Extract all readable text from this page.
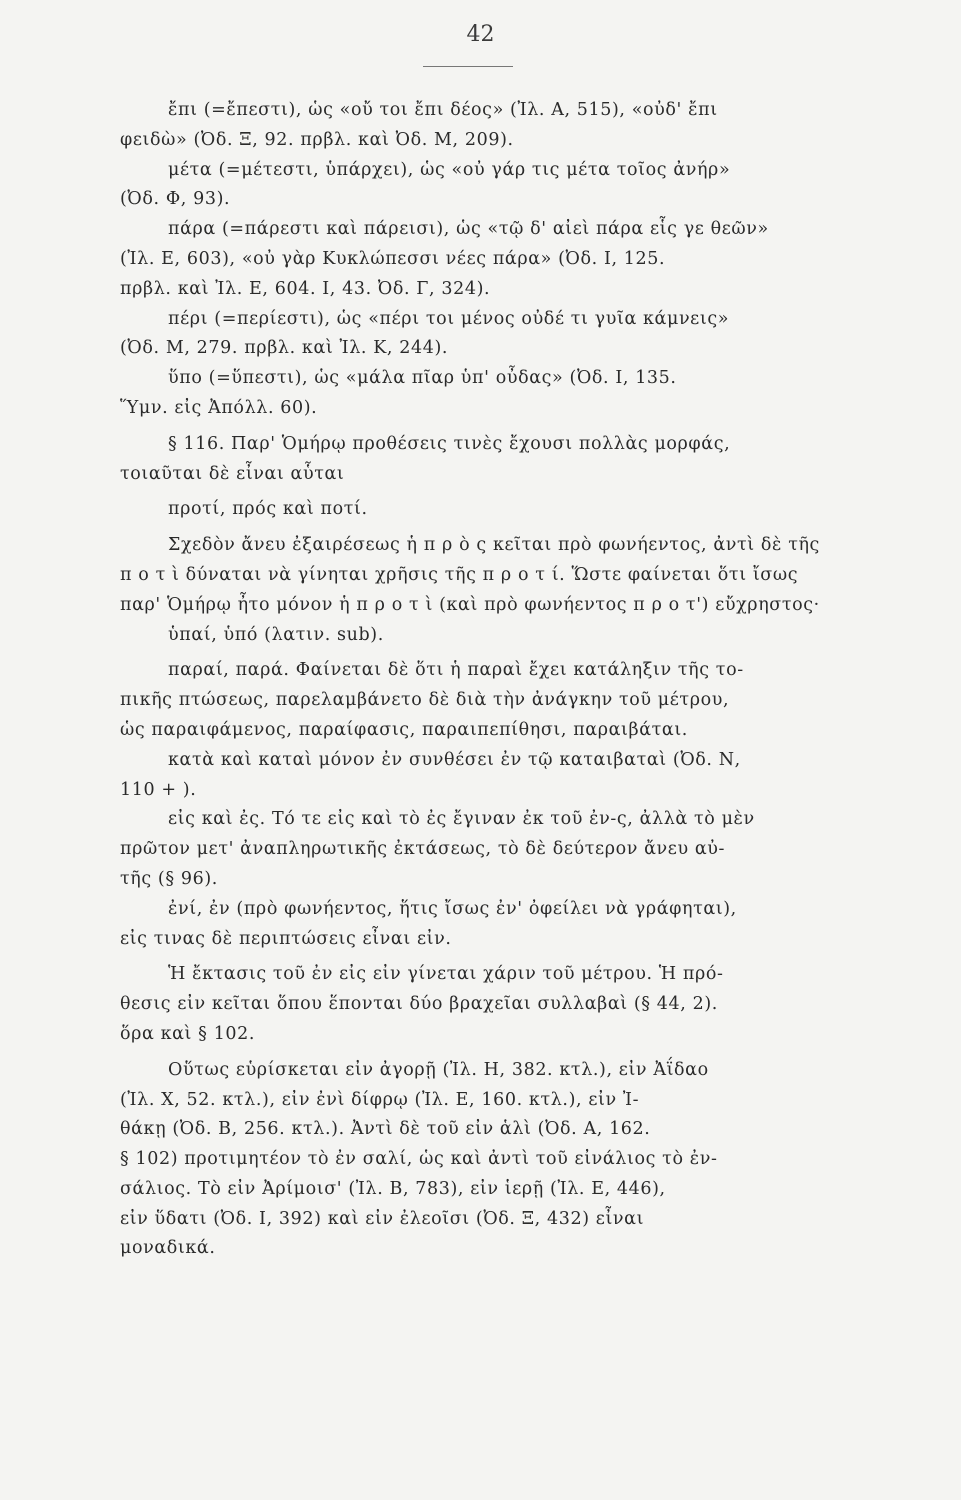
42
ἔπι (=ἔπεστι), ὡς «οὔ τοι ἔπι δέος» (Ἰλ. Α, 515), «οὐδ' ἔπι
φειδὼ» (Ὀδ. Ξ, 92. πρβλ. καὶ Ὀδ. Μ, 209).
μέτα (=μέτεστι, ὑπάρχει), ὡς «οὐ γάρ τις μέτα τοῖος ἀνήρ»
(Ὀδ. Φ, 93).
πάρα (=πάρεστι καὶ πάρεισι), ὡς «τῷ δ' αἰεὶ πάρα εἷς γε θεῶν»
(Ἰλ. Ε, 603), «οὐ γὰρ Κυκλώπεσσι νέες πάρα» (Ὀδ. Ι, 125.
πρβλ. καὶ Ἰλ. Ε, 604. Ι, 43. Ὀδ. Γ, 324).
πέρι (=περίεστι), ὡς «πέρι τοι μένος οὐδέ τι γυῖα κάμνεις»
(Ὀδ. Μ, 279. πρβλ. καὶ Ἰλ. Κ, 244).
ὕπο (=ὕπεστι), ὡς «μάλα πῖαρ ὑπ' οὖδας» (Ὀδ. Ι, 135.
Ὕμν. εἰς Ἀπόλλ. 60).
§ 116. Παρ' Ὁμήρῳ προθέσεις τινὲς ἔχουσι πολλὰς μορφάς,
τοιαῦται δὲ εἶναι αὗται
προτί, πρός καὶ ποτί.
Σχεδὸν ἄνευ ἐξαιρέσεως ἡ π ρ ὸ ς κεῖται πρὸ φωνήεντος, ἀντὶ δὲ τῆς
π ο τ ὶ δύναται νὰ γίνηται χρῆσις τῆς π ρ ο τ ί. Ὥστε φαίνεται ὅτι ἴσως
παρ' Ὁμήρῳ ἦτο μόνον ἡ π ρ ο τ ὶ (καὶ πρὸ φωνήεντος π ρ ο τ') εὔχρηστος·
ὑπαί, ὑπό (λατιν. sub).
παραί, παρά. Φαίνεται δὲ ὅτι ἡ παραὶ ἔχει κατάληξιν τῆς το-
πικῆς πτώσεως, παρελαμβάνετο δὲ διὰ τὴν ἀνάγκην τοῦ μέτρου,
ὡς παραιφάμενος, παραίφασις, παραιπεπίθησι, παραιβάται.
κατὰ καὶ καταὶ μόνον ἐν συνθέσει ἐν τῷ καταιβαταὶ (Ὀδ. Ν,
110 + ).
εἰς καὶ ἐς. Τό τε εἰς καὶ τὸ ἐς ἔγιναν ἐκ τοῦ ἐν-ς, ἀλλὰ τὸ μὲν
πρῶτον μετ' ἀναπληρωτικῆς ἐκτάσεως, τὸ δὲ δεύτερον ἄνευ αὐ-
τῆς (§ 96).
ἐνί, ἐν (πρὸ φωνήεντος, ἥτις ἴσως ἐν' ὀφείλει νὰ γράφηται),
εἰς τινας δὲ περιπτώσεις εἶναι εἰν.
Ἡ ἔκτασις τοῦ ἐν εἰς εἰν γίνεται χάριν τοῦ μέτρου. Ἡ πρό-
θεσις εἰν κεῖται ὅπου ἕπονται δύο βραχεῖαι συλλαβαὶ (§ 44, 2).
ὅρα καὶ § 102.
Οὕτως εὑρίσκεται εἰν ἀγορῇ (Ἰλ. Η, 382. κτλ.), εἰν Ἀΐδαο
(Ἰλ. Χ, 52. κτλ.), εἰν ἐνὶ δίφρῳ (Ἰλ. Ε, 160. κτλ.), εἰν Ἰ-
θάκῃ (Ὀδ. Β, 256. κτλ.). Ἀντὶ δὲ τοῦ εἰν ἁλὶ (Ὀδ. Α, 162.
§ 102) προτιμητέον τὸ ἐν σαλί, ὡς καὶ ἀντὶ τοῦ εἰνάλιος τὸ ἐν-
σάλιος. Τὸ εἰν Ἀρίμοισ' (Ἰλ. Β, 783), εἰν ἱερῇ (Ἰλ. Ε, 446),
εἰν ὕδατι (Ὀδ. Ι, 392) καὶ εἰν ἐλεοῖσι (Ὀδ. Ξ, 432) εἶναι
μοναδικά.
